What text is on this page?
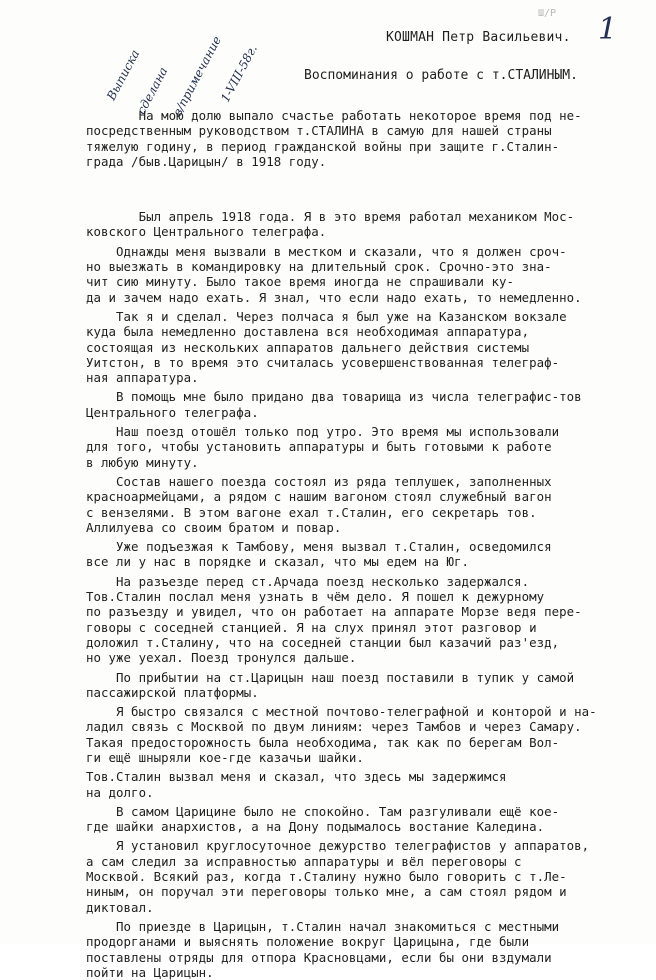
Ш/Р 1
Выписка
сделана в/примечание
1-VIII-58г.
КОШМАН Петр Васильевич.
Воспоминания о работе с т.СТАЛИНЫМ.
На мою долю выпало счастье работать некоторое время под не-
посредственным руководством т.СТАЛИНА в самую для нашей страны
тяжелую годину, в период гражданской войны при защите г.Сталин-
града /быв.Царицын/ в 1918 году.
Был апрель 1918 года. Я в это время работал механиком Мос-
ковского Центрального телеграфа.
Однажды меня вызвали в местком и сказали, что я должен сроч-
но выезжать в командировку на длительный срок. Срочно-это зна-
чит сию минуту. Было такое время иногда не спрашивали ку-
да и зачем надо ехать. Я знал, что если надо ехать, то немедленно.
Так я и сделал. Через полчаса я был уже на Казанском вокзале
куда была немедленно доставлена вся необходимая аппаратура,
состоящая из нескольких аппаратов дальнего действия системы
Уитстон, в то время это считалась усовершенствованная телеграф-
ная аппаратура.
В помощь мне было придано два товарища из числа телеграфис-тов
Центрального телеграфа.
Наш поезд отошёл только под утро. Это время мы использовали
для того, чтобы установить аппаратуры и быть готовыми к работе
в любую минуту.
Состав нашего поезда состоял из ряда теплушек, заполненных
красноармейцами, а рядом с нашим вагоном стоял служебный вагон
с вензелями. В этом вагоне ехал т.Сталин, его секретарь тов.
Аллилуева со своим братом и повар.
Уже подъезжая к Тамбову, меня вызвал т.Сталин, осведомился
все ли у нас в порядке и сказал, что мы едем на Юг.
На разъезде перед ст.Арчада поезд несколько задержался.
Тов.Сталин послал меня узнать в чём дело. Я пошел к дежурному
по разъезду и увидел, что он работает на аппарате Морзе ведя пере-
говоры с соседней станцией. Я на слух принял этот разговор и
доложил т.Сталину, что на соседней станции был казачий раз'езд,
но уже уехал. Поезд тронулся дальше.
По прибытии на ст.Царицын наш поезд поставили в тупик у самой
пассажирской платформы.
Я быстро связался с местной почтово-телеграфной и конторой и на-
ладил связь с Москвой по двум линиям: через Тамбов и через Самару.
Такая предосторожность была необходима, так как по берегам Вол-
ги ещё шныряли кое-где казачьи шайки.
Тов.Сталин вызвал меня и сказал, что здесь мы задержимся
на долго.
В самом Царицине было не спокойно. Там разгуливали ещё кое-
где шайки анархистов, а на Дону подымалось востание Каледина.
Я установил круглосуточное дежурство телеграфистов у аппаратов,
а сам следил за исправностью аппаратуры и вёл переговоры с
Москвой. Всякий раз, когда т.Сталину нужно было говорить с т.Ле-
ниным, он поручал эти переговоры только мне, а сам стоял рядом и
диктовал.
По приезде в Царицын, т.Сталин начал знакомиться с местными
продорганами и выяснять положение вокруг Царицына, где были
поставлены отряды для отпора Красновцами, если бы они вздумали
пойти на Царицын.
